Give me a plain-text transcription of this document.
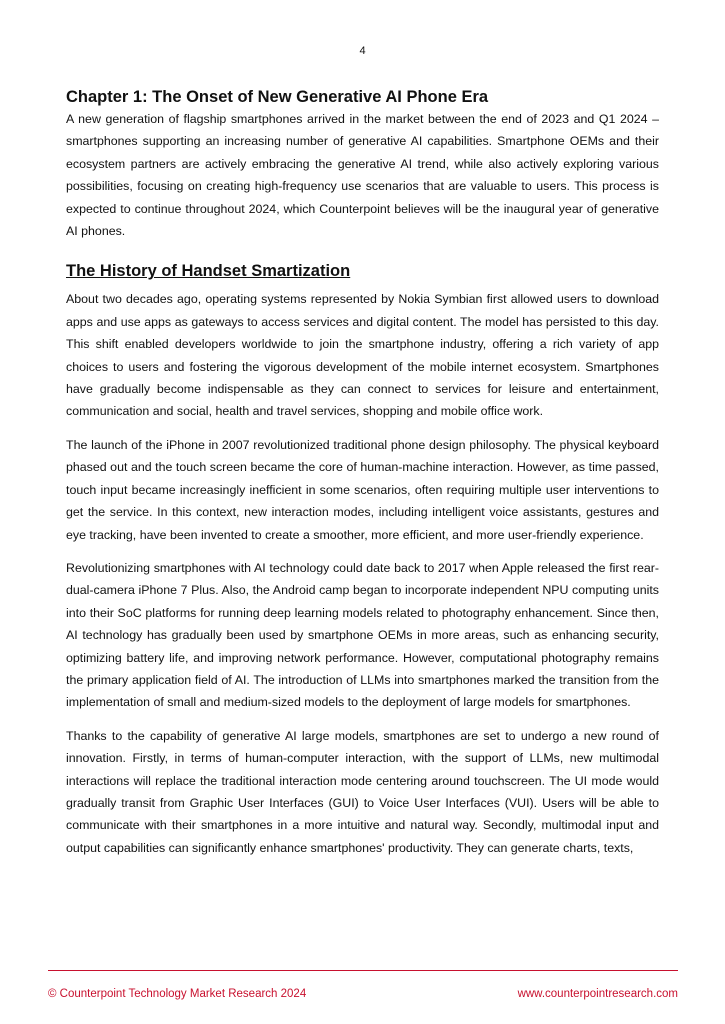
4
Chapter 1: The Onset of New Generative AI Phone Era

A new generation of flagship smartphones arrived in the market between the end of 2023 and Q1 2024 – smartphones supporting an increasing number of generative AI capabilities. Smartphone OEMs and their ecosystem partners are actively embracing the generative AI trend, while also actively exploring various possibilities, focusing on creating high-frequency use scenarios that are valuable to users. This process is expected to continue throughout 2024, which Counterpoint believes will be the inaugural year of generative AI phones.

The History of Handset Smartization

About two decades ago, operating systems represented by Nokia Symbian first allowed users to download apps and use apps as gateways to access services and digital content. The model has persisted to this day. This shift enabled developers worldwide to join the smartphone industry, offering a rich variety of app choices to users and fostering the vigorous development of the mobile internet ecosystem. Smartphones have gradually become indispensable as they can connect to services for leisure and entertainment, communication and social, health and travel services, shopping and mobile office work.

The launch of the iPhone in 2007 revolutionized traditional phone design philosophy. The physical keyboard phased out and the touch screen became the core of human-machine interaction. However, as time passed, touch input became increasingly inefficient in some scenarios, often requiring multiple user interventions to get the service. In this context, new interaction modes, including intelligent voice assistants, gestures and eye tracking, have been invented to create a smoother, more efficient, and more user-friendly experience.

Revolutionizing smartphones with AI technology could date back to 2017 when Apple released the first rear-dual-camera iPhone 7 Plus. Also, the Android camp began to incorporate independent NPU computing units into their SoC platforms for running deep learning models related to photography enhancement. Since then, AI technology has gradually been used by smartphone OEMs in more areas, such as enhancing security, optimizing battery life, and improving network performance. However, computational photography remains the primary application field of AI. The introduction of LLMs into smartphones marked the transition from the implementation of small and medium-sized models to the deployment of large models for smartphones.

Thanks to the capability of generative AI large models, smartphones are set to undergo a new round of innovation. Firstly, in terms of human-computer interaction, with the support of LLMs, new multimodal interactions will replace the traditional interaction mode centering around touchscreen. The UI mode would gradually transit from Graphic User Interfaces (GUI) to Voice User Interfaces (VUI). Users will be able to communicate with their smartphones in a more intuitive and natural way. Secondly, multimodal input and output capabilities can significantly enhance smartphones' productivity. They can generate charts, texts,

© Counterpoint Technology Market Research 2024	www.counterpointresearch.com
